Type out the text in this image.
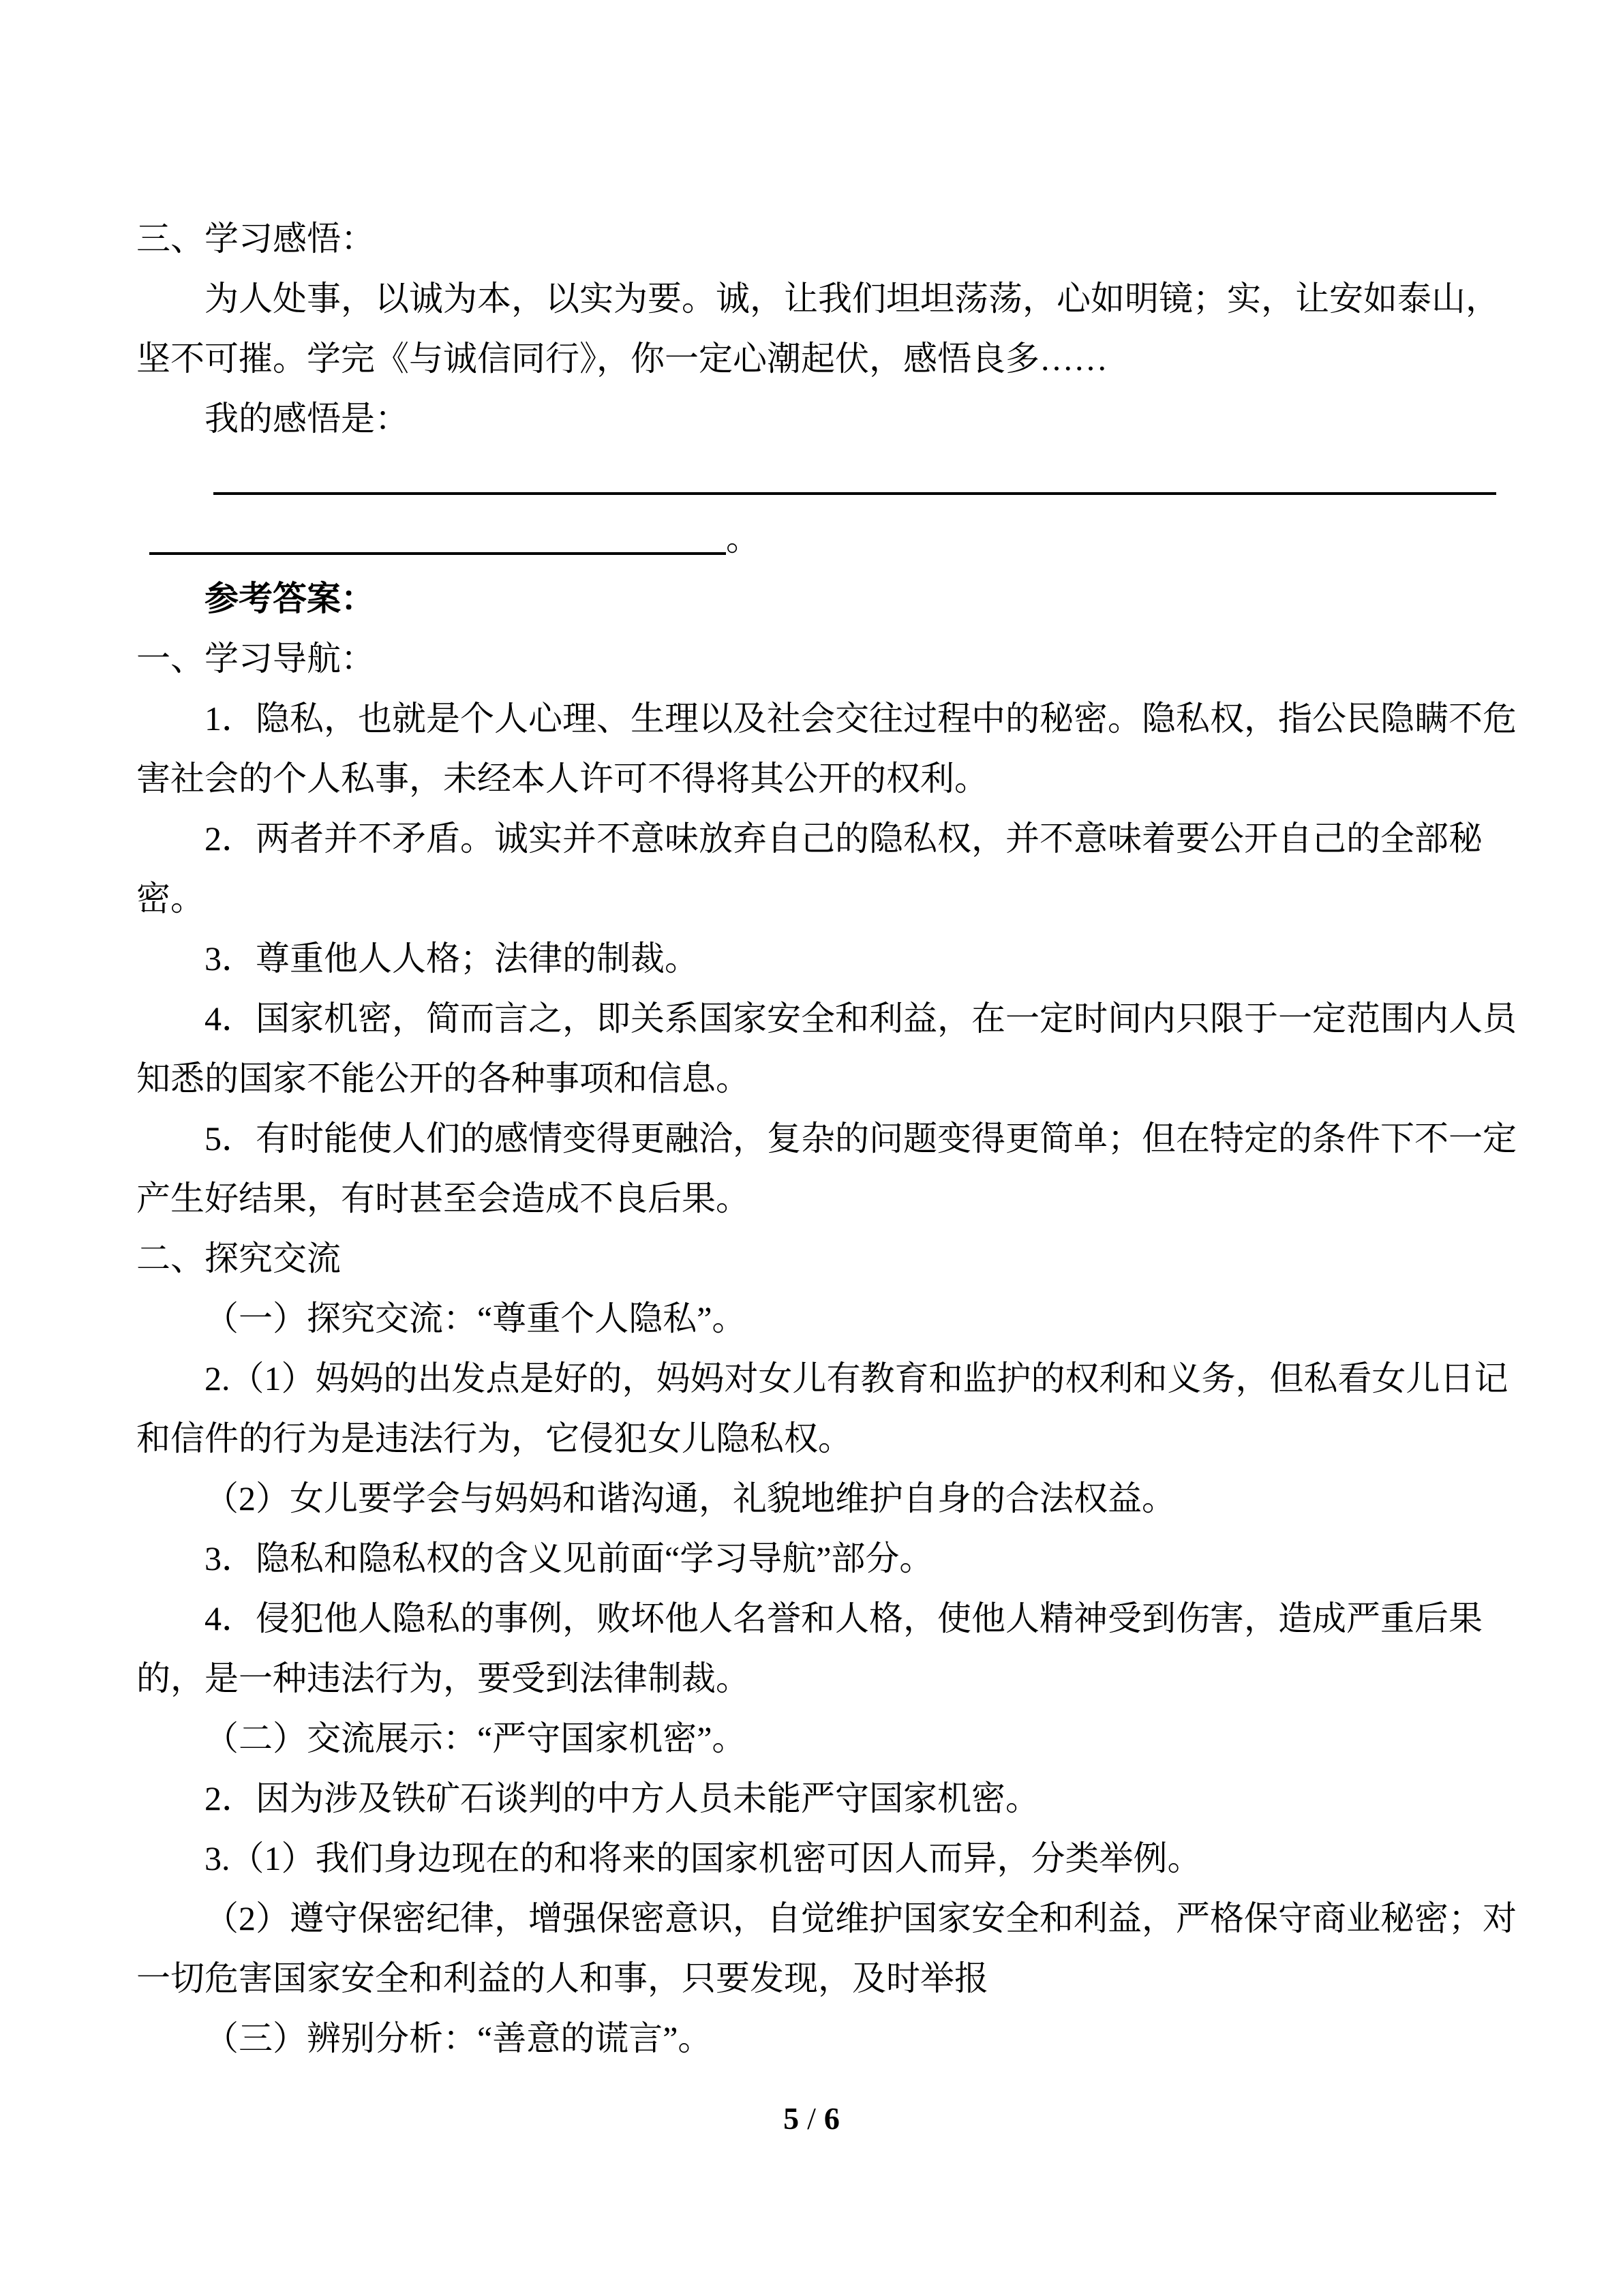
三、学习感悟：
为人处事，以诚为本，以实为要。诚，让我们坦坦荡荡，心如明镜；实，让安如泰山，
坚不可摧。学完《与诚信同行》，你一定心潮起伏，感悟良多……
我的感悟是：
。
参考答案：
一、学习导航：
1．隐私，也就是个人心理、生理以及社会交往过程中的秘密。隐私权，指公民隐瞒不危
害社会的个人私事，未经本人许可不得将其公开的权利。
2．两者并不矛盾。诚实并不意味放弃自己的隐私权，并不意味着要公开自己的全部秘
密。
3．尊重他人人格；法律的制裁。
4．国家机密，简而言之，即关系国家安全和利益，在一定时间内只限于一定范围内人员
知悉的国家不能公开的各种事项和信息。
5．有时能使人们的感情变得更融洽，复杂的问题变得更简单；但在特定的条件下不一定
产生好结果，有时甚至会造成不良后果。
二、探究交流
（一）探究交流：“尊重个人隐私”。
2.（1）妈妈的出发点是好的，妈妈对女儿有教育和监护的权利和义务，但私看女儿日记
和信件的行为是违法行为，它侵犯女儿隐私权。
（2）女儿要学会与妈妈和谐沟通，礼貌地维护自身的合法权益。
3．隐私和隐私权的含义见前面“学习导航”部分。
4．侵犯他人隐私的事例，败坏他人名誉和人格，使他人精神受到伤害，造成严重后果
的，是一种违法行为，要受到法律制裁。
（二）交流展示：“严守国家机密”。
2．因为涉及铁矿石谈判的中方人员未能严守国家机密。
3.（1）我们身边现在的和将来的国家机密可因人而异，分类举例。
（2）遵守保密纪律，增强保密意识，自觉维护国家安全和利益，严格保守商业秘密；对
一切危害国家安全和利益的人和事，只要发现，及时举报
（三）辨别分析：“善意的谎言”。
5 / 6
